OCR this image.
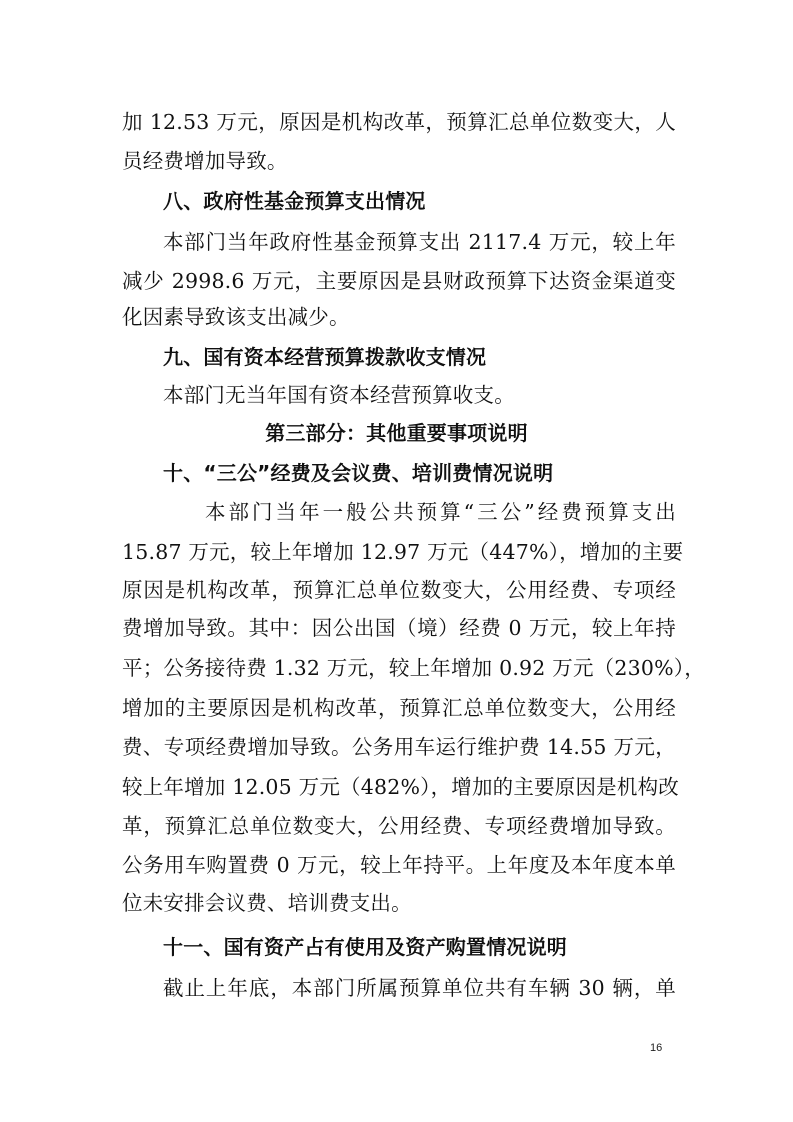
加 12.53 万元，原因是机构改革，预算汇总单位数变大，人
员经费增加导致。
八、政府性基金预算支出情况
本部门当年政府性基金预算支出 2117.4 万元，较上年
减少 2998.6 万元，主要原因是县财政预算下达资金渠道变
化因素导致该支出减少。
九、国有资本经营预算拨款收支情况
本部门无当年国有资本经营预算收支。
第三部分：其他重要事项说明
十、“三公”经费及会议费、培训费情况说明
本部门当年一般公共预算“三公”经费预算支出
15.87 万元，较上年增加 12.97 万元（447%），增加的主要
原因是机构改革，预算汇总单位数变大，公用经费、专项经
费增加导致。其中：因公出国（境）经费 0 万元，较上年持
平；公务接待费 1.32 万元，较上年增加 0.92 万元（230%），
增加的主要原因是机构改革，预算汇总单位数变大，公用经
费、专项经费增加导致。公务用车运行维护费 14.55 万元，
较上年增加 12.05 万元（482%），增加的主要原因是机构改
革，预算汇总单位数变大，公用经费、专项经费增加导致。
公务用车购置费 0 万元，较上年持平。上年度及本年度本单
位未安排会议费、培训费支出。
十一、国有资产占有使用及资产购置情况说明
截止上年底，本部门所属预算单位共有车辆 30 辆，单
16
